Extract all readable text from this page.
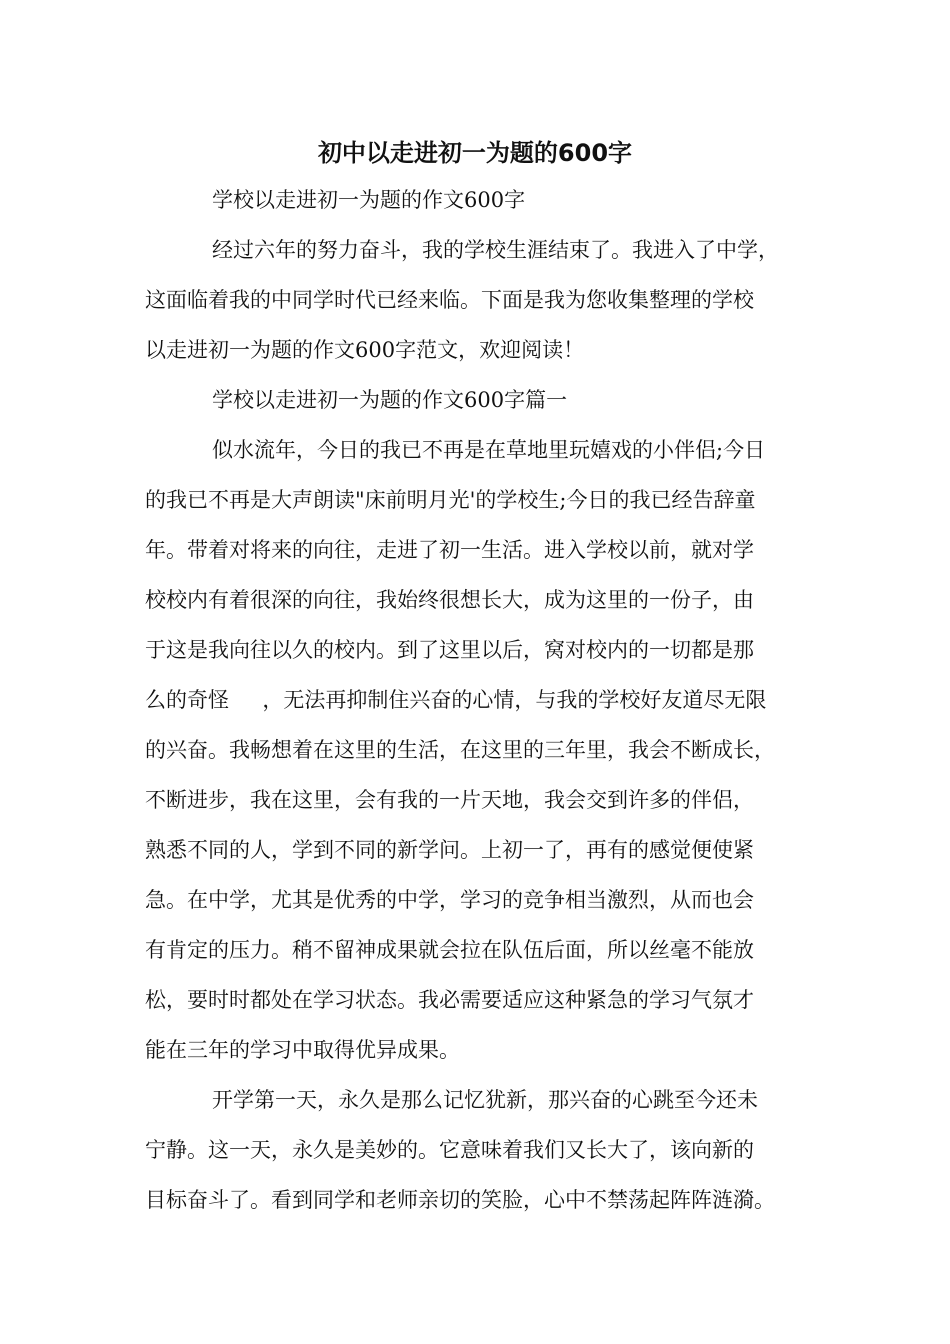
初中以走进初一为题的600字
学校以走进初一为题的作文600字
经过六年的努力奋斗，我的学校生涯结束了。我进入了中学，
这面临着我的中同学时代已经来临。下面是我为您收集整理的学校
以走进初一为题的作文600字范文，欢迎阅读！
学校以走进初一为题的作文600字篇一
似水流年，今日的我已不再是在草地里玩嬉戏的小伴侣;今日
的我已不再是大声朗读"床前明月光'的学校生;今日的我已经告辞童
年。带着对将来的向往，走进了初一生活。进入学校以前，就对学
校校内有着很深的向往，我始终很想长大，成为这里的一份子，由
于这是我向往以久的校内。到了这里以后，窝对校内的一切都是那
么的奇怪     ，无法再抑制住兴奋的心情，与我的学校好友道尽无限
的兴奋。我畅想着在这里的生活，在这里的三年里，我会不断成长，
不断进步，我在这里，会有我的一片天地，我会交到许多的伴侣，
熟悉不同的人，学到不同的新学问。上初一了，再有的感觉便使紧
急。在中学，尤其是优秀的中学，学习的竞争相当激烈，从而也会
有肯定的压力。稍不留神成果就会拉在队伍后面，所以丝毫不能放
松，要时时都处在学习状态。我必需要适应这种紧急的学习气氛才
能在三年的学习中取得优异成果。
开学第一天，永久是那么记忆犹新，那兴奋的心跳至今还未
宁静。这一天，永久是美妙的。它意味着我们又长大了，该向新的
目标奋斗了。看到同学和老师亲切的笑脸，心中不禁荡起阵阵涟漪。
